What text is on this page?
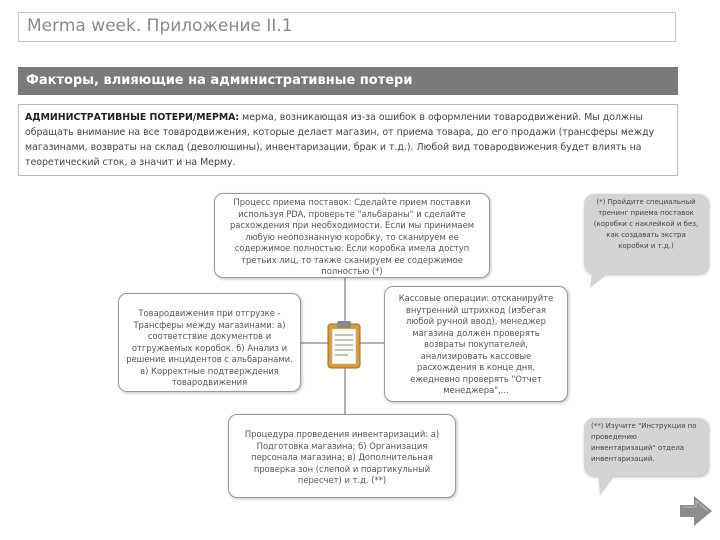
Merma week. Приложение II.1
Факторы, влияющие на административные потери
АДМИНИСТРАТИВНЫЕ ПОТЕРИ/МЕРМА: мерма, возникающая из-за ошибок в оформлении товародвижений. Мы должны обращать внимание на все товародвижения, которые делает магазин, от приема товара, до его продажи (трансферы между магазинами, возвраты на склад (деволюшины), инвентаризации, брак и т.д.). Любой вид товародвижения будет влиять на теоретический сток, а значит и на Мерму.
Процесс приема поставок: Сделайте прием поставки используя PDA, проверьте "альбараны" и сделайте расхождения при необходимости. Если мы принимаем любую неопознанную коробку, то сканируем ее содержимое полностью. Если коробка имела доступ третьих лиц, то также сканируем ее содержимое полностью (*)
Товародвижения при отгрузке - Трансферы между магазинами: а) соответствие документов и отгружаемых коробок. б) Анализ и решение инцидентов с альбаранами. в) Корректные подтверждения товародвижения
Кассовые операции: отсканируйте внутренний штрихкод (избегая любой ручной ввод), менеджер магазина должен проверять возвраты покупателей, анализировать кассовые расхождения в конце дня, ежедневно проверять "Отчет менеджера",...
Процедура проведения инвентаризаций: а) Подготовка магазина; б) Организация персонала магазина; в) Дополнительная проверка зон (слепой и поартикульный пересчет) и т.д. (**)
(*) Пройдите специальный тренинг приема поставок (коробки с наклейкой и без, как создавать экстра коробки и т.д.)
(**) Изучите "Инструкция по проведению инвентаризаций" отдела инвентаризаций.
